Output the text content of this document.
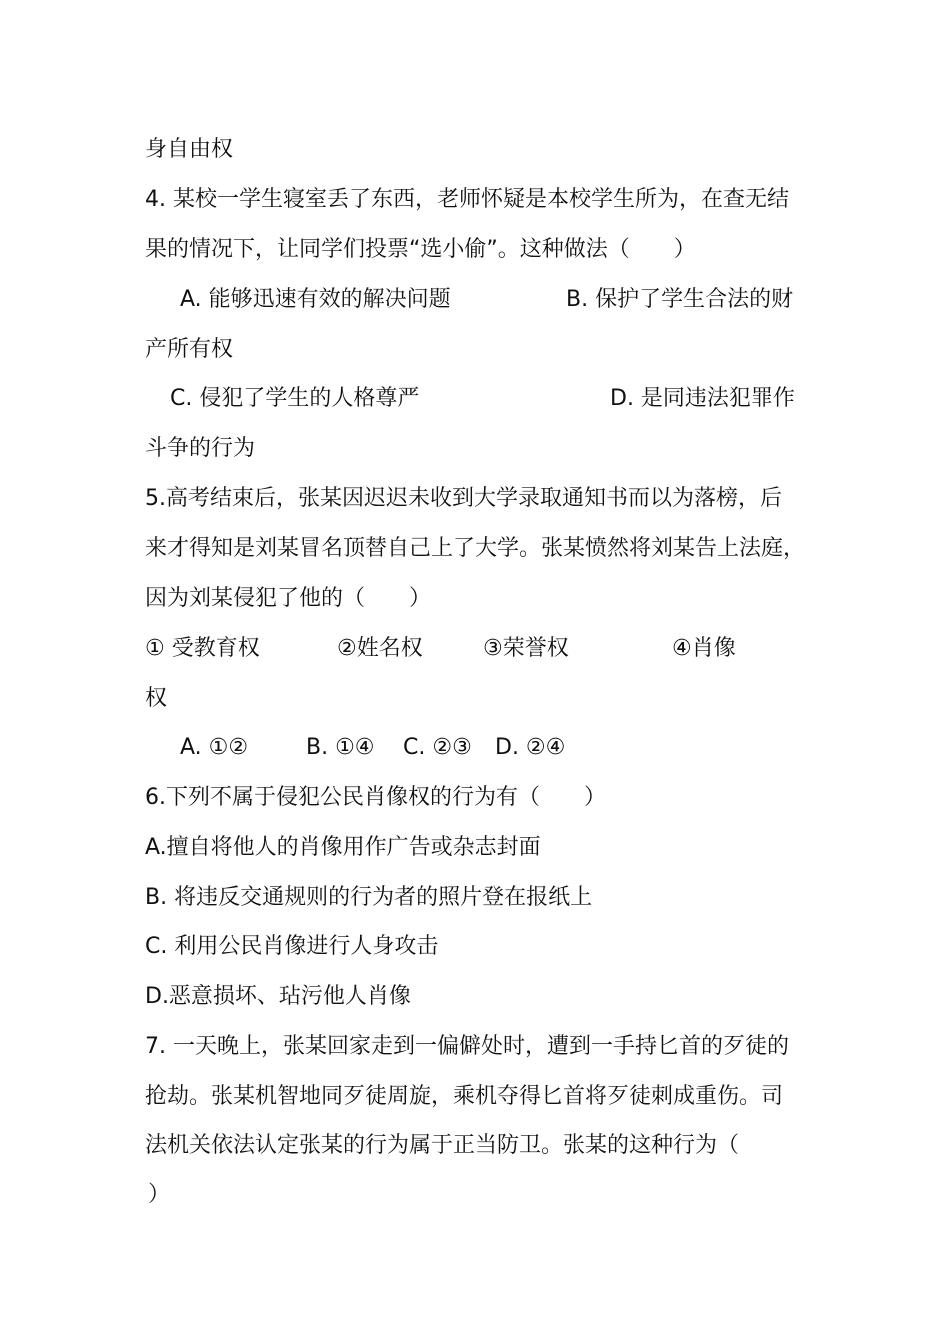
身自由权
4. 某校一学生寝室丢了东西，老师怀疑是本校学生所为，在查无结
果的情况下，让同学们投票“选小偷”。这种做法（　　）
A. 能够迅速有效的解决问题	B. 保护了学生合法的财
产所有权
C. 侵犯了学生的人格尊严	D. 是同违法犯罪作
斗争的行为
5.高考结束后，张某因迟迟未收到大学录取通知书而以为落榜，后
来才得知是刘某冒名顶替自己上了大学。张某愤然将刘某告上法庭，
因为刘某侵犯了他的（　　）
① 受教育权	②姓名权	③荣誉权	④肖像
权
A. ①②	B. ①④ C. ②③ D. ②④
6.下列不属于侵犯公民肖像权的行为有（　　）
A.擅自将他人的肖像用作广告或杂志封面
B. 将违反交通规则的行为者的照片登在报纸上
C. 利用公民肖像进行人身攻击
D.恶意损坏、玷污他人肖像
7. 一天晚上，张某回家走到一偏僻处时，遭到一手持匕首的歹徒的
抢劫。张某机智地同歹徒周旋，乘机夺得匕首将歹徒刺成重伤。司
法机关依法认定张某的行为属于正当防卫。张某的这种行为（
）
